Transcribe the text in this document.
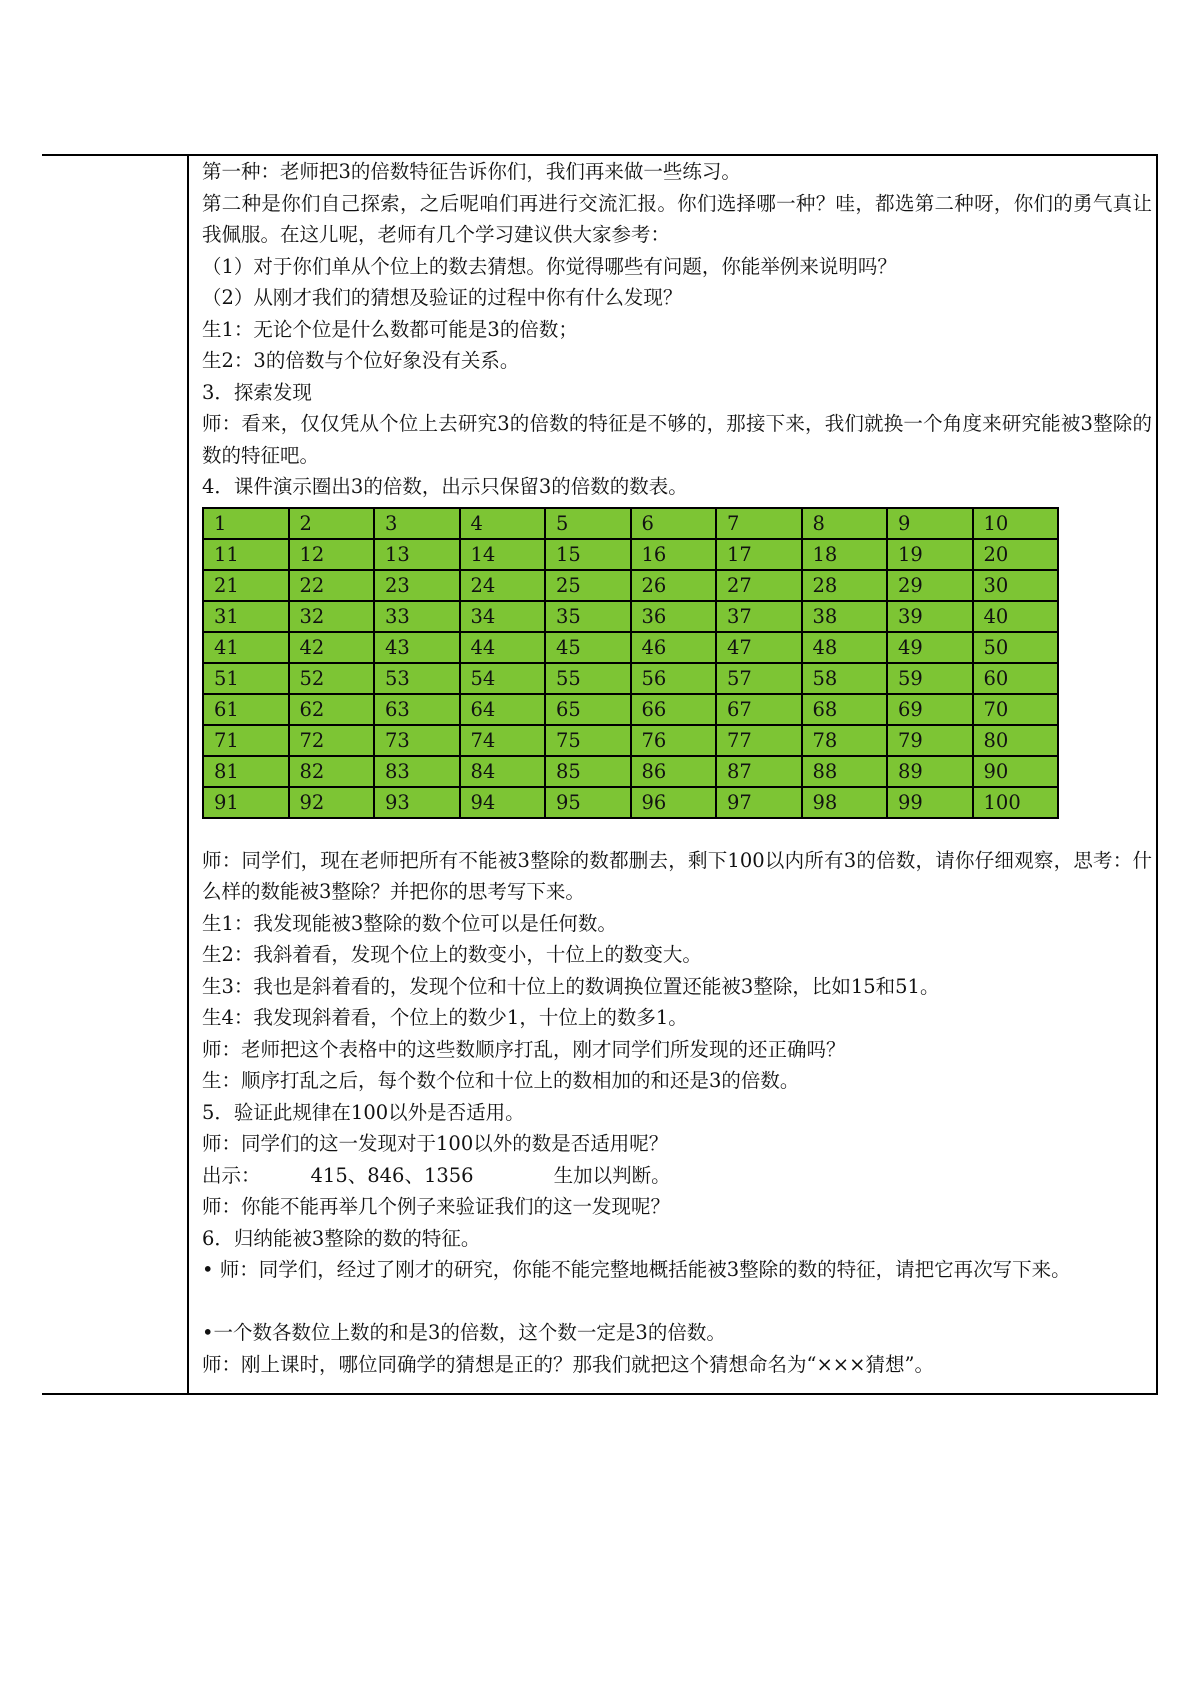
第一种：老师把3的倍数特征告诉你们，我们再来做一些练习。
第二种是你们自己探索，之后呢咱们再进行交流汇报。你们选择哪一种？哇，都选第二种呀，你们的勇气真让我佩服。在这儿呢，老师有几个学习建议供大家参考：
（1）对于你们单从个位上的数去猜想。你觉得哪些有问题，你能举例来说明吗？
（2）从刚才我们的猜想及验证的过程中你有什么发现？
生1：无论个位是什么数都可能是3的倍数；
生2：3的倍数与个位好象没有关系。
3．探索发现
师：看来，仅仅凭从个位上去研究3的倍数的特征是不够的，那接下来，我们就换一个角度来研究能被3整除的数的特征吧。
4．课件演示圈出3的倍数，出示只保留3的倍数的数表。
1	2	3	4	5	6	7	8	9	10
11	12	13	14	15	16	17	18	19	20
21	22	23	24	25	26	27	28	29	30
31	32	33	34	35	36	37	38	39	40
41	42	43	44	45	46	47	48	49	50
51	52	53	54	55	56	57	58	59	60
61	62	63	64	65	66	67	68	69	70
71	72	73	74	75	76	77	78	79	80
81	82	83	84	85	86	87	88	89	90
91	92	93	94	95	96	97	98	99	100
师：同学们，现在老师把所有不能被3整除的数都删去，剩下100以内所有3的倍数，请你仔细观察，思考：什么样的数能被3整除？并把你的思考写下来。
生1：我发现能被3整除的数个位可以是任何数。
生2：我斜着看，发现个位上的数变小，十位上的数变大。
生3：我也是斜着看的，发现个位和十位上的数调换位置还能被3整除，比如15和51。
生4：我发现斜着看，个位上的数少1，十位上的数多1。
师：老师把这个表格中的这些数顺序打乱，刚才同学们所发现的还正确吗？
生：顺序打乱之后，每个数个位和十位上的数相加的和还是3的倍数。
5．验证此规律在100以外是否适用。
师：同学们的这一发现对于100以外的数是否适用呢？
出示：	415、846、1356	生加以判断。
师：你能不能再举几个例子来验证我们的这一发现呢？
6．归纳能被3整除的数的特征。
• 师：同学们，经过了刚才的研究，你能不能完整地概括能被3整除的数的特征，请把它再次写下来。
•一个数各数位上数的和是3的倍数，这个数一定是3的倍数。
师：刚上课时，哪位同确学的猜想是正的？那我们就把这个猜想命名为“×××猜想”。
